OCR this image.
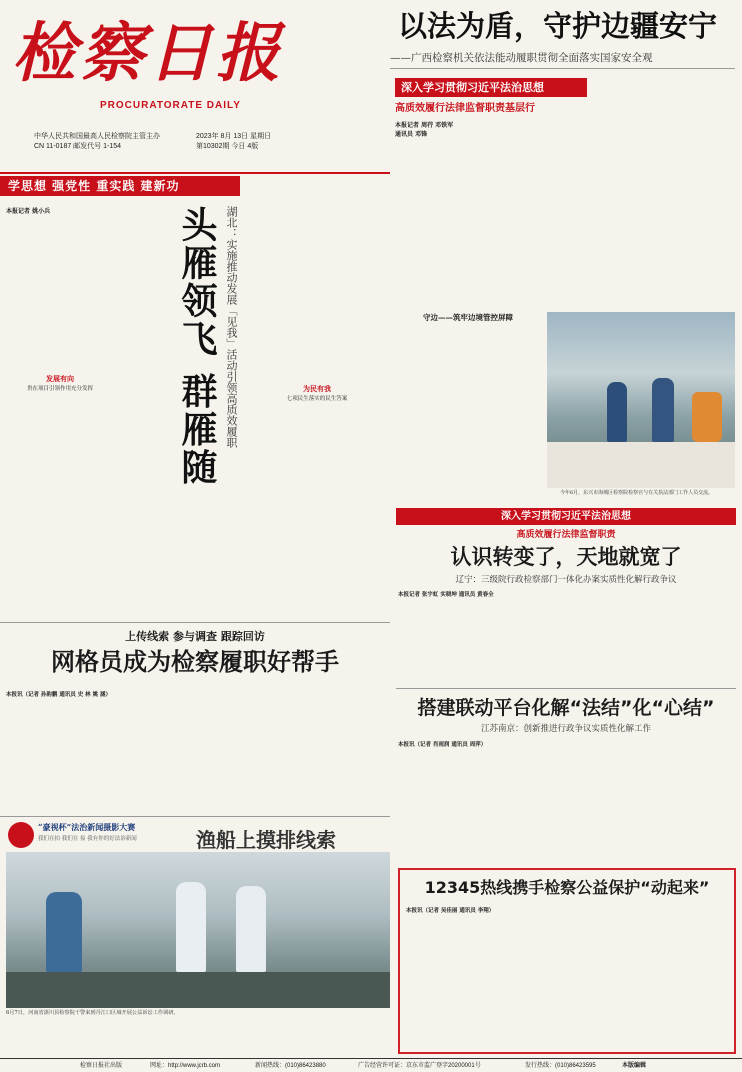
检察日报
PROCURATORATE DAILY
中华人民共和国最高人民检察院主管主办
CN 11-0187 邮发代号 1-154
2023年 8月 13日 星期日
第10302期 今日 4版
以法为盾，守护边疆安宁
——广西检察机关依法能动履职贯彻全面落实国家安全观
深入学习贯彻习近平法治思想
高质效履行法律监督职责基层行
本报记者 周荇 邓铁军
通讯员 邓锋
守边——筑牢边境管控屏障
今年6月，东兴市海城区检察院检察官与有关执法部门工作人员交流。
学思想 强党性 重实践 建新功
本报记者 姚小兵
发展有向
贵在项目引领作用充分发挥	头雁领飞 群雁随 湖北：实施推动发展「见我」活动引领高质效履职	为民有我
七项民生落实的民生答案
上传线索 参与调查 跟踪回访
网格员成为检察履职好帮手
本报讯（记者 孙韵鹏 通讯员 史 林 姚 涵）
“豪视杯”法治新闻摄影大赛
我们在拍 我们在 接 我有你的好法治新闻	渔船上摸排线索
6月7日，河南省浙川县检察院干警来到丹江口区域开展公益诉讼工作调研。
深入学习贯彻习近平法治思想
高质效履行法律监督职责
认识转变了，天地就宽了
辽宁：三级院行政检察部门一体化办案实质性化解行政争议
本报记者 张宇虹 实晓坤 通讯员 黄春全
搭建联动平台化解“法结”化“心结”
江苏南京：创新推进行政争议实质性化解工作
本报讯（记者 肖雨润 通讯员 周萍）
12345热线携手检察公益保护“动起来”
本报讯（记者 吴佳丽 通讯员 李翔）
检察日报社出版	网址：http://www.jcrb.com	新闻热线：(010)86423880	广告经营许可证：京东市监广登字20200001号	发行热线：(010)86423595	本版编辑
